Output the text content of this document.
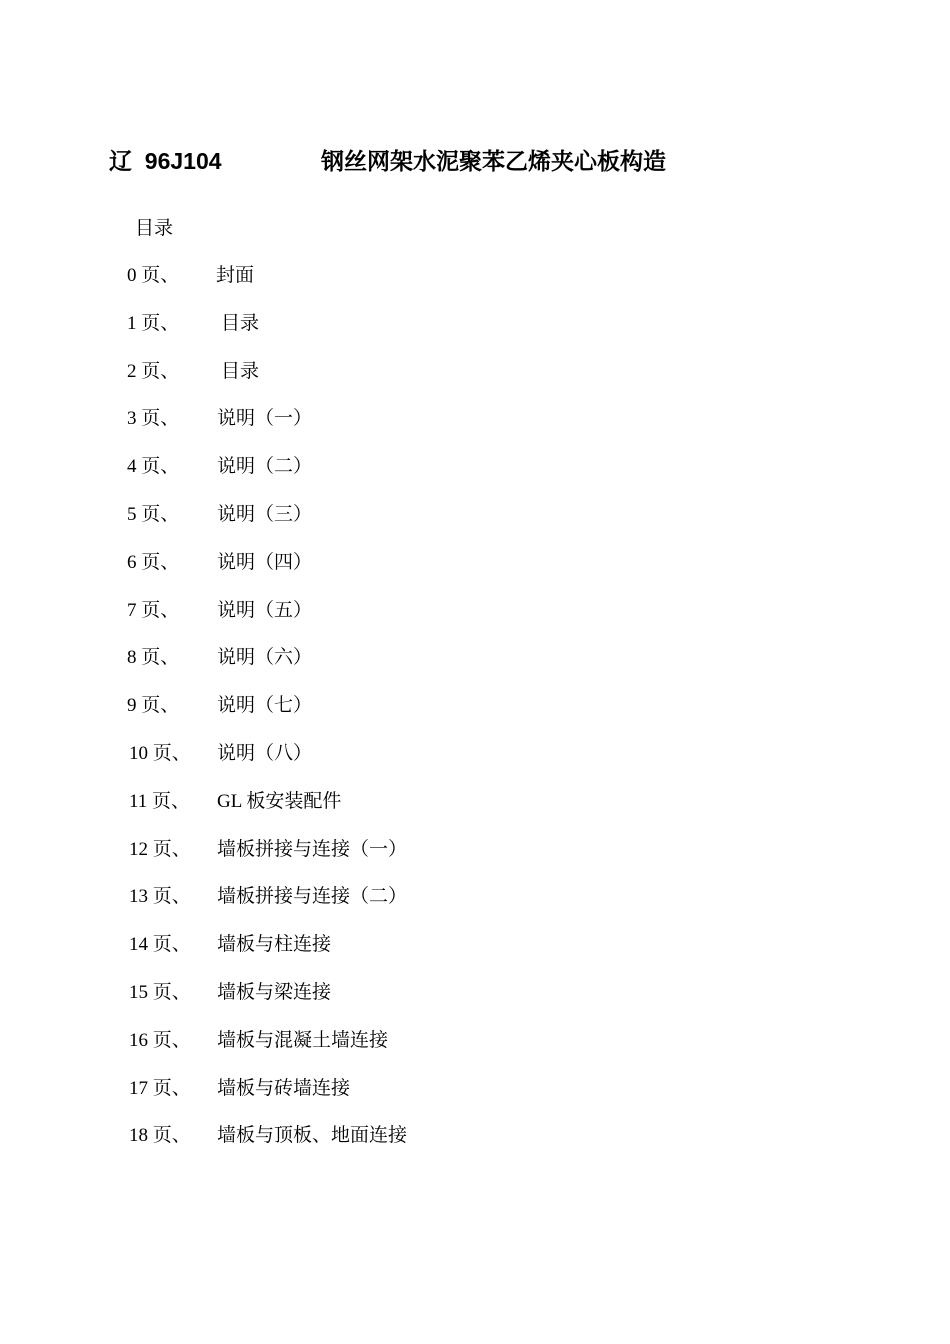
辽  96J104	钢丝网架水泥聚苯乙烯夹心板构造
目录
0 页、 封面
1 页、 目录
2 页、 目录
3 页、 说明（一）
4 页、 说明（二）
5 页、 说明（三）
6 页、 说明（四）
7 页、 说明（五）
8 页、 说明（六）
9 页、 说明（七）
10 页、 说明（八）
11 页、 GL 板安装配件
12 页、 墙板拼接与连接（一）
13 页、 墙板拼接与连接（二）
14 页、 墙板与柱连接
15 页、 墙板与梁连接
16 页、 墙板与混凝土墙连接
17 页、 墙板与砖墙连接
18 页、 墙板与顶板、地面连接
